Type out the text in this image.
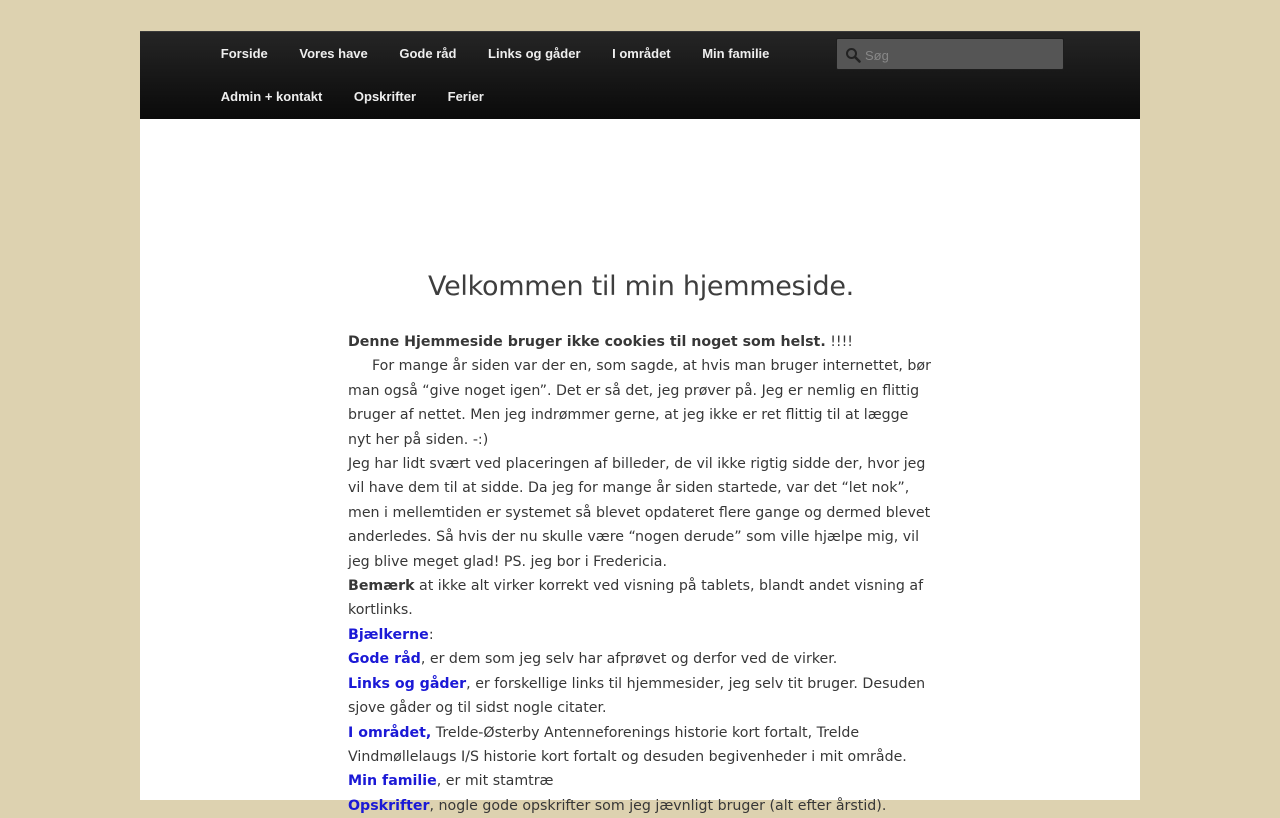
Forside	Vores have	Gode råd	Links og gåder	I området	Min familie
Admin + kontakt	Opskrifter	Ferier
Søg
Velkommen til min hjemmeside.

Denne Hjemmeside bruger ikke cookies til noget som helst. !!!!

For mange år siden var der en, som sagde, at hvis man bruger internettet, bør man også “give noget igen”. Det er så det, jeg prøver på. Jeg er nemlig en flittig bruger af nettet. Men jeg indrømmer gerne, at jeg ikke er ret flittig til at lægge nyt her på siden. -:)

Jeg har lidt svært ved placeringen af billeder, de vil ikke rigtig sidde der, hvor jeg vil have dem til at sidde. Da jeg for mange år siden startede, var det “let nok”, men i mellemtiden er systemet så blevet opdateret flere gange og dermed blevet anderledes. Så hvis der nu skulle være “nogen derude” som ville hjælpe mig, vil jeg blive meget glad! PS. jeg bor i Fredericia.

Bemærk at ikke alt virker korrekt ved visning på tablets, blandt andet visning af kortlinks.

Bjælkerne:

Gode råd, er dem som jeg selv har afprøvet og derfor ved de virker.

Links og gåder, er forskellige links til hjemmesider, jeg selv tit bruger. Desuden sjove gåder og til sidst nogle citater.

I området, Trelde-Østerby Antenneforenings historie kort fortalt, Trelde Vindmøllelaugs I/S historie kort fortalt og desuden begivenheder i mit område.

Min familie, er mit stamtræ

Opskrifter, nogle gode opskrifter som jeg jævnligt bruger (alt efter årstid).
